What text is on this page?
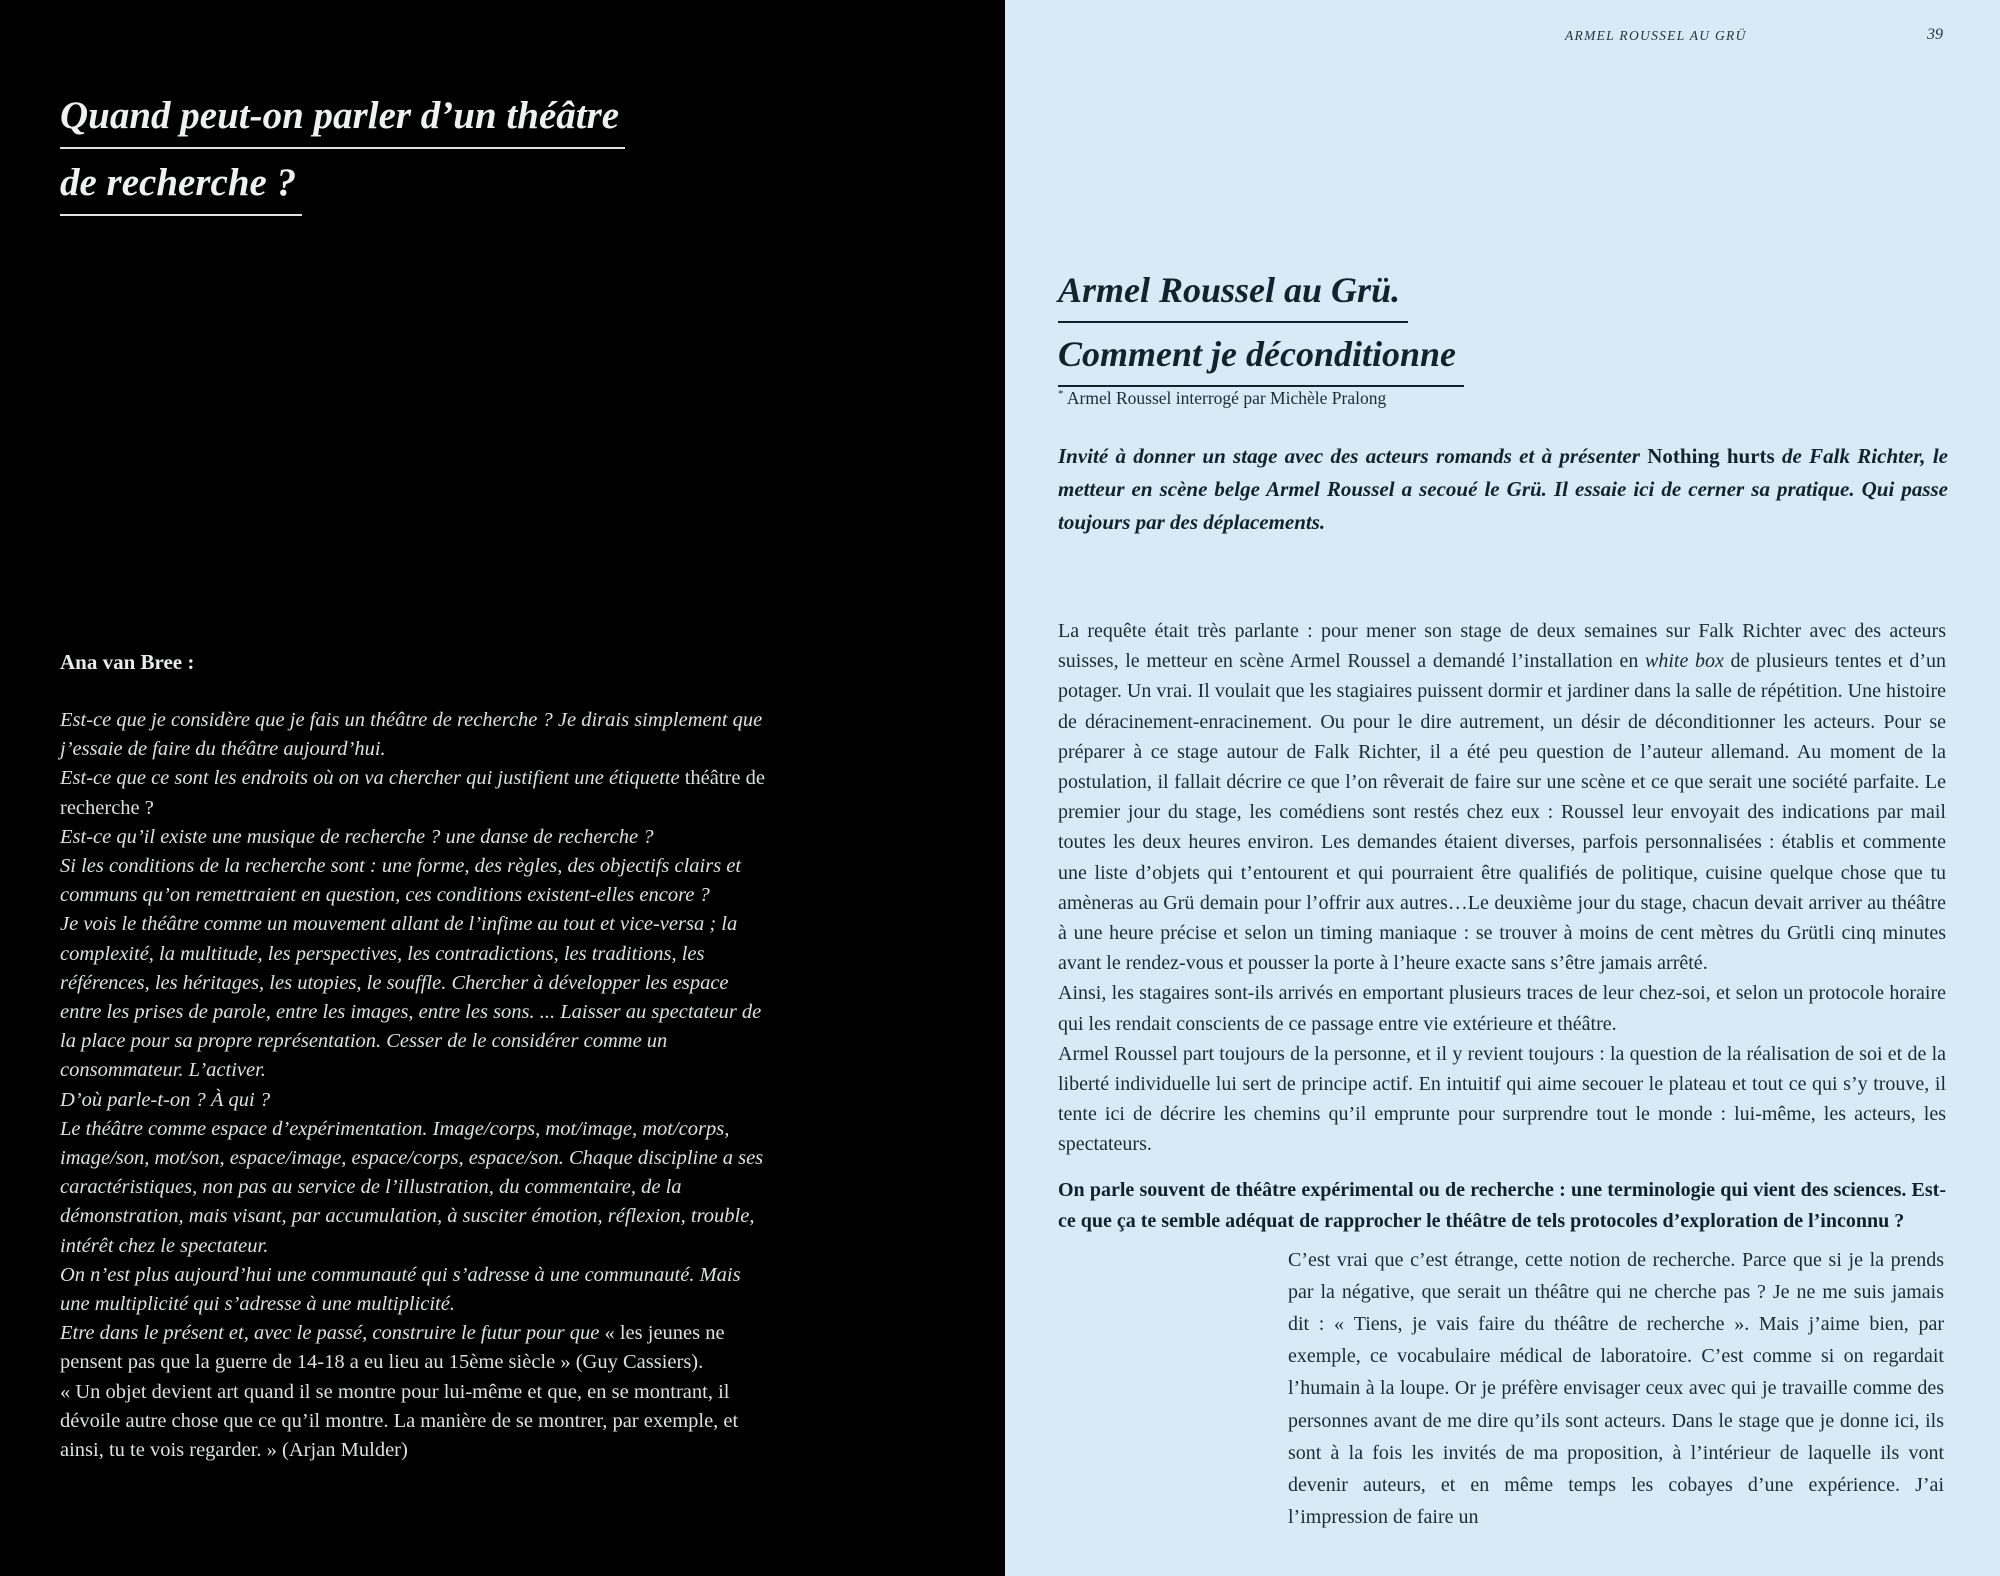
Quand peut-on parler d’un théâtre
de recherche ?
Ana van Bree :

Est-ce que je considère que je fais un théâtre de recherche ? Je dirais simplement que j’essaie de faire du théâtre aujourd’hui.

Est-ce que ce sont les endroits où on va chercher qui justifient une étiquette théâtre de recherche ?

Est-ce qu’il existe une musique de recherche ? une danse de recherche ?

Si les conditions de la recherche sont : une forme, des règles, des objectifs clairs et communs qu’on remettraient en question, ces conditions existent-elles encore ?

Je vois le théâtre comme un mouvement allant de l’infime au tout et vice-versa ; la complexité, la multitude, les perspectives, les contradictions, les traditions, les références, les héritages, les utopies, le souffle. Chercher à développer les espace entre les prises de parole, entre les images, entre les sons. ... Laisser au spectateur de la place pour sa propre représentation. Cesser de le considérer comme un consommateur. L’activer.

D’où parle-t-on ? À qui ?

Le théâtre comme espace d’expérimentation. Image/corps, mot/image, mot/corps, image/son, mot/son, espace/image, espace/corps, espace/son. Chaque discipline a ses caractéristiques, non pas au service de l’illustration, du commentaire, de la démonstration, mais visant, par accumulation, à susciter émotion, réflexion, trouble, intérêt chez le spectateur.

On n’est plus aujourd’hui une communauté qui s’adresse à une communauté. Mais une multiplicité qui s’adresse à une multiplicité.

Etre dans le présent et, avec le passé, construire le futur pour que « les jeunes ne pensent pas que la guerre de 14-18 a eu lieu au 15ème siècle » (Guy Cassiers).

« Un objet devient art quand il se montre pour lui-même et que, en se montrant, il dévoile autre chose que ce qu’il montre. La manière de se montrer, par exemple, et ainsi, tu te vois regarder. » (Arjan Mulder)

ARMEL ROUSSEL AU GRÜ	39
Armel Roussel au Grü.
Comment je déconditionne
* Armel Roussel interrogé par Michèle Pralong
Invité à donner un stage avec des acteurs romands et à présenter Nothing hurts de Falk Richter, le metteur en scène belge Armel Roussel a secoué le Grü. Il essaie ici de cerner sa pratique. Qui passe toujours par des déplacements.

La requête était très parlante : pour mener son stage de deux semaines sur Falk Richter avec des acteurs suisses, le metteur en scène Armel Roussel a demandé l’installation en white box de plusieurs tentes et d’un potager. Un vrai. Il voulait que les stagiaires puissent dormir et jardiner dans la salle de répétition. Une histoire de déracinement-enracinement. Ou pour le dire autrement, un désir de déconditionner les acteurs. Pour se préparer à ce stage autour de Falk Richter, il a été peu question de l’auteur allemand. Au moment de la postulation, il fallait décrire ce que l’on rêverait de faire sur une scène et ce que serait une société parfaite. Le premier jour du stage, les comédiens sont restés chez eux : Roussel leur envoyait des indications par mail toutes les deux heures environ. Les demandes étaient diverses, parfois personnalisées : établis et commente une liste d’objets qui t’entourent et qui pourraient être qualifiés de politique, cuisine quelque chose que tu amèneras au Grü demain pour l’offrir aux autres…Le deuxième jour du stage, chacun devait arriver au théâtre à une heure précise et selon un timing maniaque : se trouver à moins de cent mètres du Grütli cinq minutes avant le rendez-vous et pousser la porte à l’heure exacte sans s’être jamais arrêté.

Ainsi, les stagaires sont-ils arrivés en emportant plusieurs traces de leur chez-soi, et selon un protocole horaire qui les rendait conscients de ce passage entre vie extérieure et théâtre.

Armel Roussel part toujours de la personne, et il y revient toujours : la question de la réalisation de soi et de la liberté individuelle lui sert de principe actif. En intuitif qui aime secouer le plateau et tout ce qui s’y trouve, il tente ici de décrire les chemins qu’il emprunte pour surprendre tout le monde : lui-même, les acteurs, les spectateurs.

On parle souvent de théâtre expérimental ou de recherche : une terminologie qui vient des sciences. Est-ce que ça te semble adéquat de rapprocher le théâtre de tels protocoles d’exploration de l’inconnu ?
C’est vrai que c’est étrange, cette notion de recherche. Parce que si je la prends par la négative, que serait un théâtre qui ne cherche pas ? Je ne me suis jamais dit : « Tiens, je vais faire du théâtre de recherche ». Mais j’aime bien, par exemple, ce vocabulaire médical de laboratoire. C’est comme si on regardait l’humain à la loupe. Or je préfère envisager ceux avec qui je travaille comme des personnes avant de me dire qu’ils sont acteurs. Dans le stage que je donne ici, ils sont à la fois les invités de ma proposition, à l’intérieur de laquelle ils vont devenir auteurs, et en même temps les cobayes d’une expérience. J’ai l’impression de faire un
